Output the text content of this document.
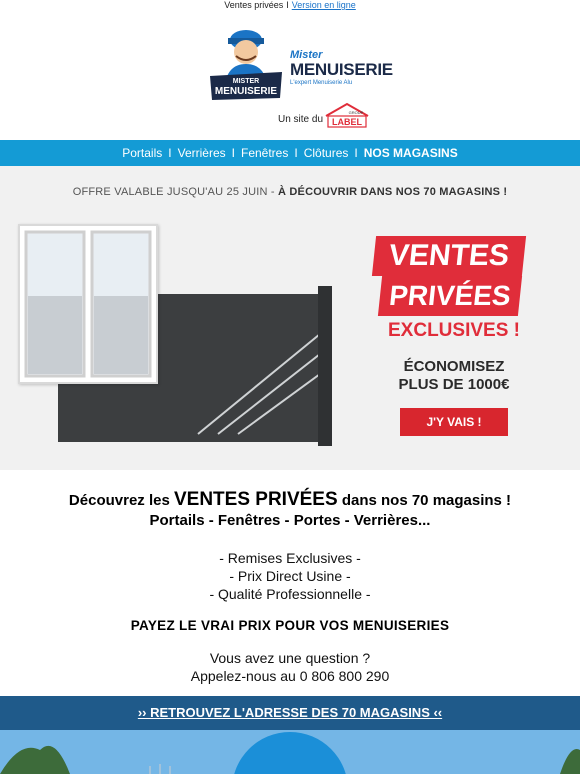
Ventes privées I Version en ligne
MISTER
MENUISERIE
Mister
MENUISERIE
L'expert Menuiserie Alu
Un site du
GROUP
LABEL
Portails I Verrières I Fenêtres I Clôtures I NOS MAGASINS
OFFRE VALABLE JUSQU'AU 25 JUIN - À DÉCOUVRIR DANS NOS 70 MAGASINS !
VENTES
PRIVÉES
EXCLUSIVES !
ÉCONOMISEZ
PLUS DE 1000€
J'Y VAIS !
Découvrez les VENTES PRIVÉES dans nos 70 magasins !
Portails - Fenêtres - Portes - Verrières...
- Remises Exclusives -
- Prix Direct Usine -
- Qualité Professionnelle -
PAYEZ LE VRAI PRIX POUR VOS MENUISERIES
Vous avez une question ?
Appelez-nous au 0 806 800 290
›› RETROUVEZ L'ADRESSE DES 70 MAGASINS ‹‹
